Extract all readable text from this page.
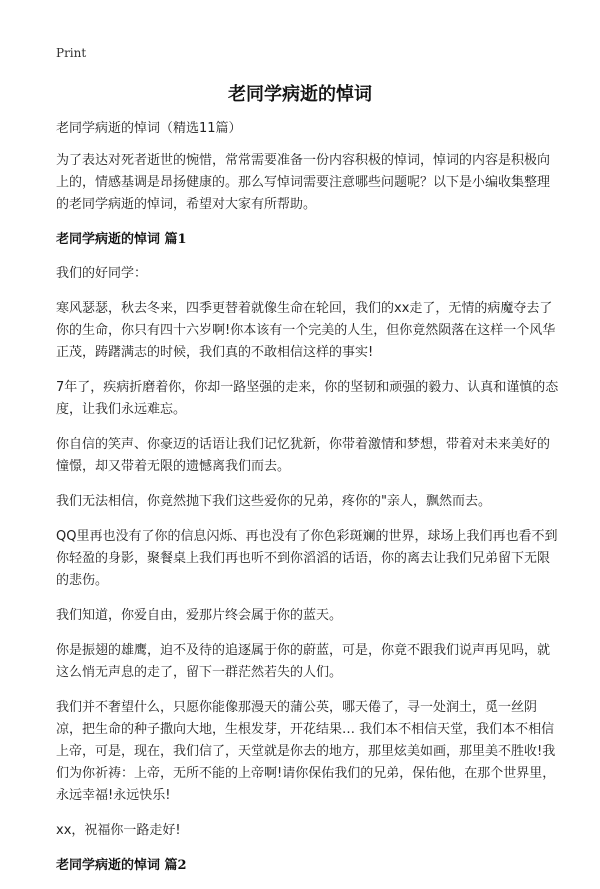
Print
老同学病逝的悼词

老同学病逝的悼词（精选11篇）

为了表达对死者逝世的惋惜，常常需要准备一份内容积极的悼词，悼词的内容是积极向上的，情感基调是昂扬健康的。那么写悼词需要注意哪些问题呢？以下是小编收集整理的老同学病逝的悼词，希望对大家有所帮助。

老同学病逝的悼词 篇1

我们的好同学：

寒风瑟瑟，秋去冬来，四季更替着就像生命在轮回，我们的xx走了，无情的病魔夺去了你的生命，你只有四十六岁啊!你本该有一个完美的人生，但你竟然陨落在这样一个风华正茂，踌躇满志的时候，我们真的不敢相信这样的事实!

7年了，疾病折磨着你，你却一路坚强的走来，你的坚韧和顽强的毅力、认真和谨慎的态度，让我们永远难忘。

你自信的笑声、你豪迈的话语让我们记忆犹新，你带着激情和梦想，带着对未来美好的憧憬，却又带着无限的遗憾离我们而去。

我们无法相信，你竟然抛下我们这些爱你的兄弟，疼你的"亲人，飘然而去。

QQ里再也没有了你的信息闪烁、再也没有了你色彩斑斓的世界，球场上我们再也看不到你轻盈的身影，聚餐桌上我们再也听不到你滔滔的话语，你的离去让我们兄弟留下无限的悲伤。

我们知道，你爱自由，爱那片终会属于你的蓝天。

你是振翅的雄鹰，迫不及待的追逐属于你的蔚蓝，可是，你竟不跟我们说声再见吗，就这么悄无声息的走了，留下一群茫然若失的人们。

我们并不奢望什么，只愿你能像那漫天的蒲公英，哪天倦了，寻一处润土，觅一丝阴凉，把生命的种子撒向大地，生根发芽，开花结果… 我们本不相信天堂，我们本不相信上帝，可是，现在，我们信了，天堂就是你去的地方，那里炫美如画，那里美不胜收!我们为你祈祷：上帝，无所不能的上帝啊!请你保佑我们的兄弟，保佑他，在那个世界里，永远幸福!永远快乐!

xx，祝福你一路走好!

老同学病逝的悼词 篇2
